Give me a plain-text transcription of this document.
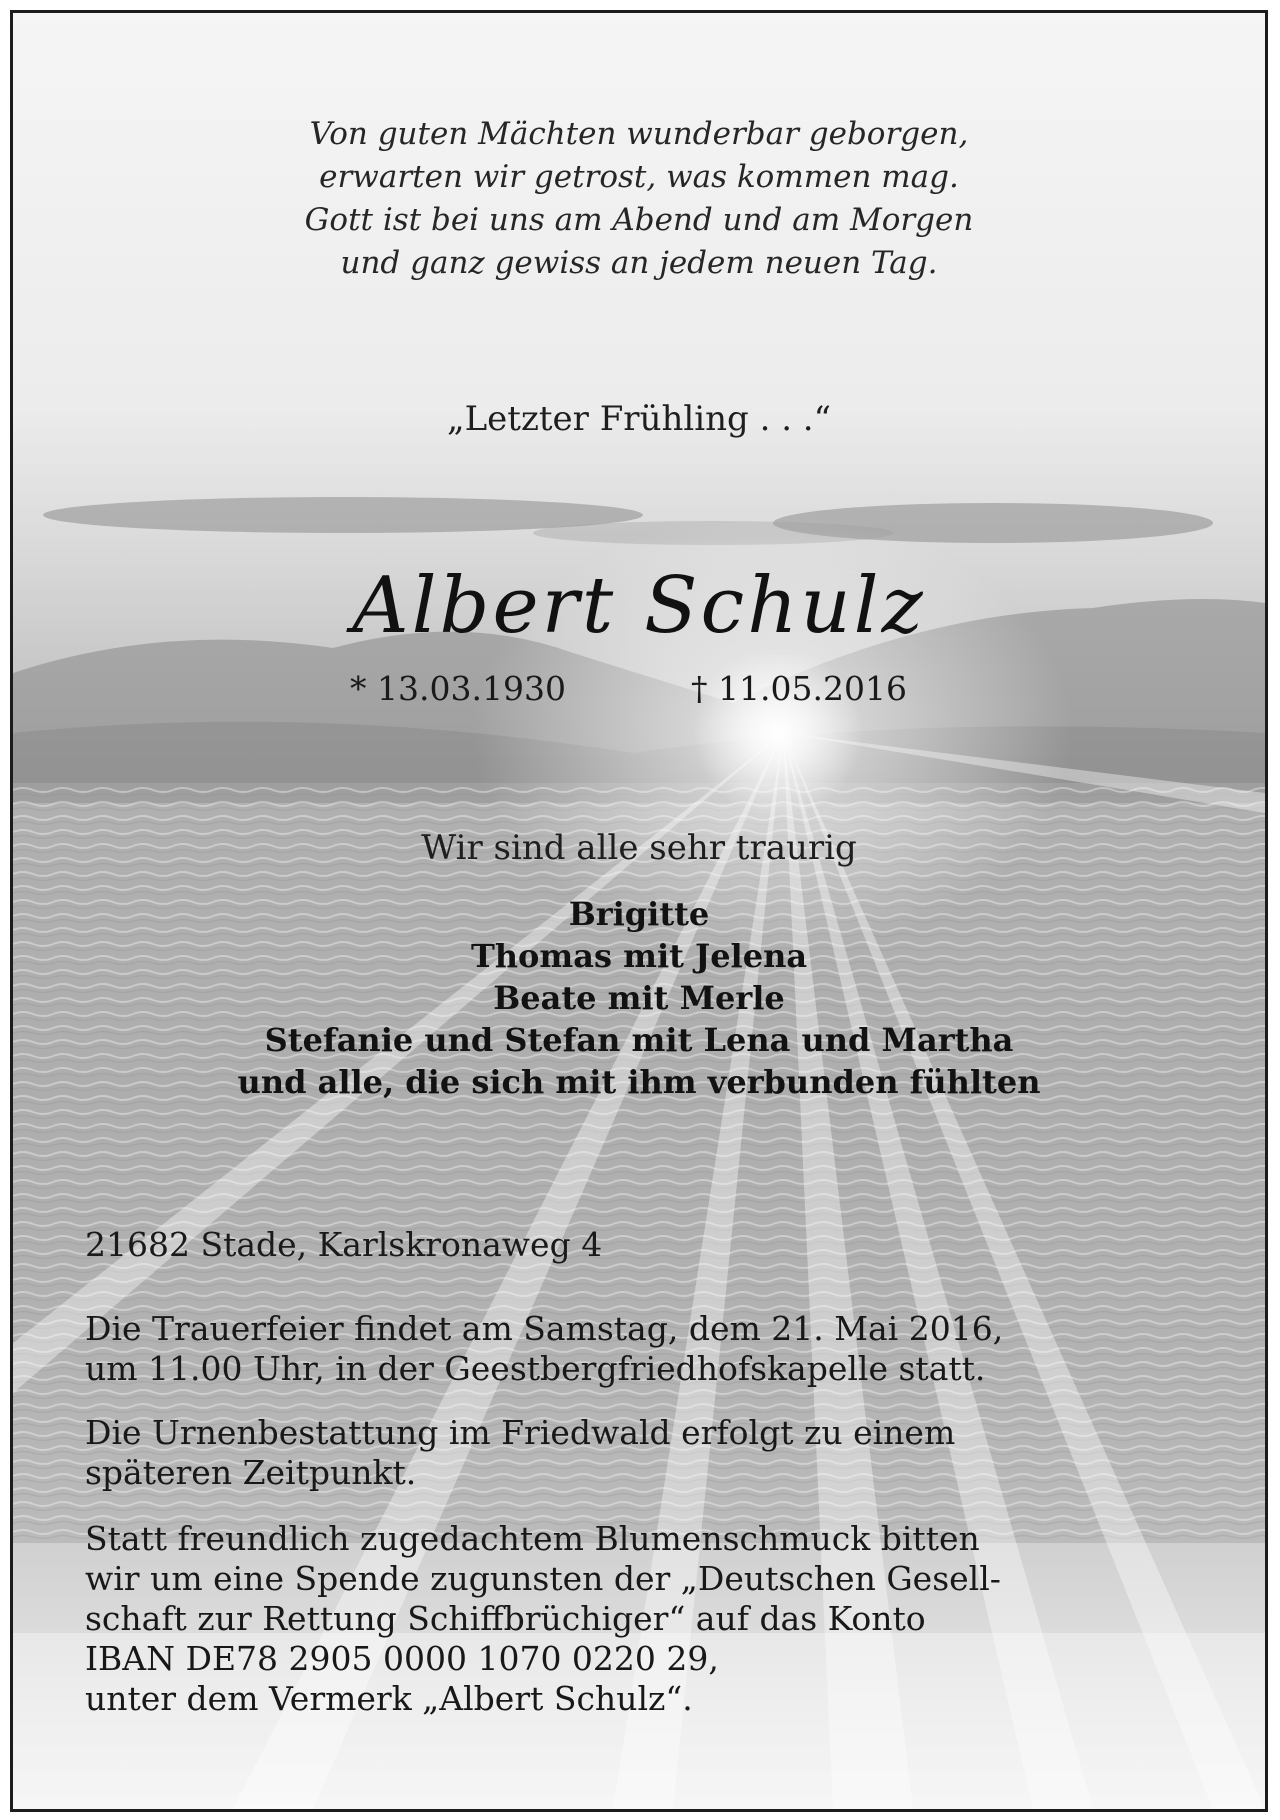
Von guten Mächten wunderbar geborgen,
erwarten wir getrost, was kommen mag.
Gott ist bei uns am Abend und am Morgen
und ganz gewiss an jedem neuen Tag.
„Letzter Frühling . . .“
Albert Schulz
* 13.03.1930	† 11.05.2016
Wir sind alle sehr traurig
Brigitte
Thomas mit Jelena
Beate mit Merle
Stefanie und Stefan mit Lena und Martha
und alle, die sich mit ihm verbunden fühlten
21682 Stade, Karlskronaweg 4
Die Trauerfeier findet am Samstag, dem 21. Mai 2016,
um 11.00 Uhr, in der Geestbergfriedhofskapelle statt.
Die Urnenbestattung im Friedwald erfolgt zu einem
späteren Zeitpunkt.
Statt freundlich zugedachtem Blumenschmuck bitten
wir um eine Spende zugunsten der „Deutschen Gesell-
schaft zur Rettung Schiffbrüchiger“ auf das Konto
IBAN DE78 2905 0000 1070 0220 29,
unter dem Vermerk „Albert Schulz“.
